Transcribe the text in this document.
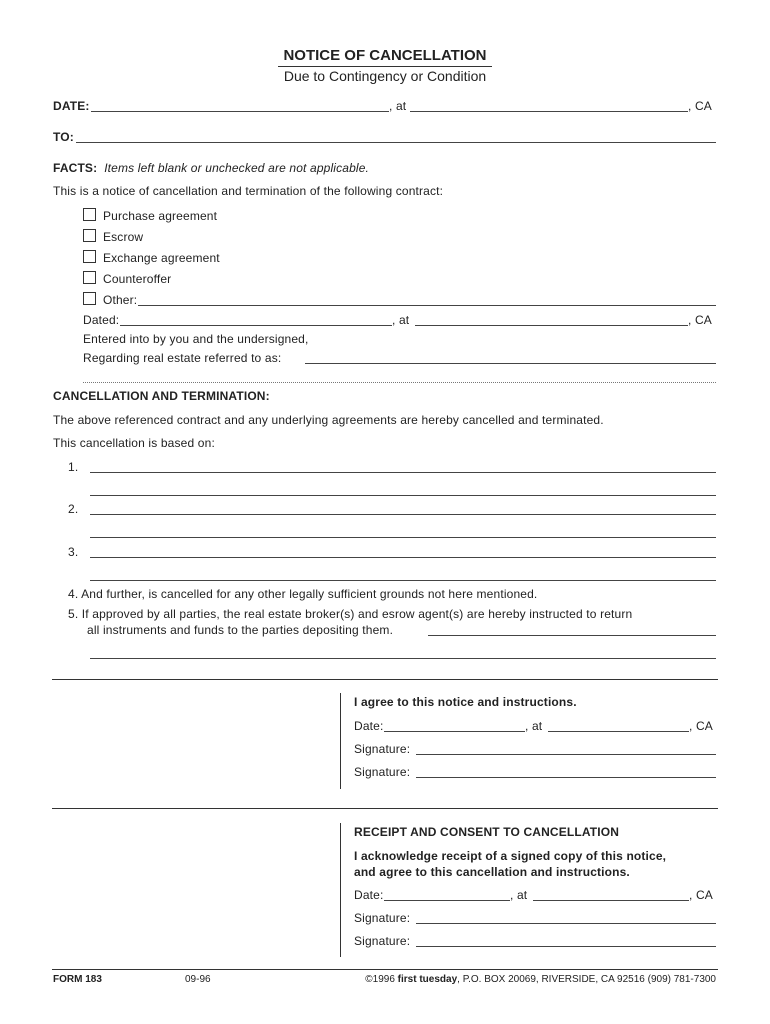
NOTICE OF CANCELLATION
Due to Contingency or Condition
DATE:	, at	, CA
TO:
FACTS: Items left blank or unchecked are not applicable.
This is a notice of cancellation and termination of the following contract:
Purchase agreement
Escrow
Exchange agreement
Counteroffer
Other:
Dated:	, at	, CA
Entered into by you and the undersigned,
Regarding real estate referred to as:
CANCELLATION AND TERMINATION:
The above referenced contract and any underlying agreements are hereby cancelled and terminated.
This cancellation is based on:
1.
2.
3.
4. And further, is cancelled for any other legally sufficient grounds not here mentioned.
5. If approved by all parties, the real estate broker(s) and esrow agent(s) are hereby instructed to return
all instruments and funds to the parties depositing them.
I agree to this notice and instructions.
Date:	, at	, CA
Signature:
Signature:
RECEIPT AND CONSENT TO CANCELLATION
I acknowledge receipt of a signed copy of this notice,
and agree to this cancellation and instructions.
Date:	, at	, CA
Signature:
Signature:
FORM 183	09-96	©1996 first tuesday, P.O. BOX 20069, RIVERSIDE, CA 92516 (909) 781-7300
